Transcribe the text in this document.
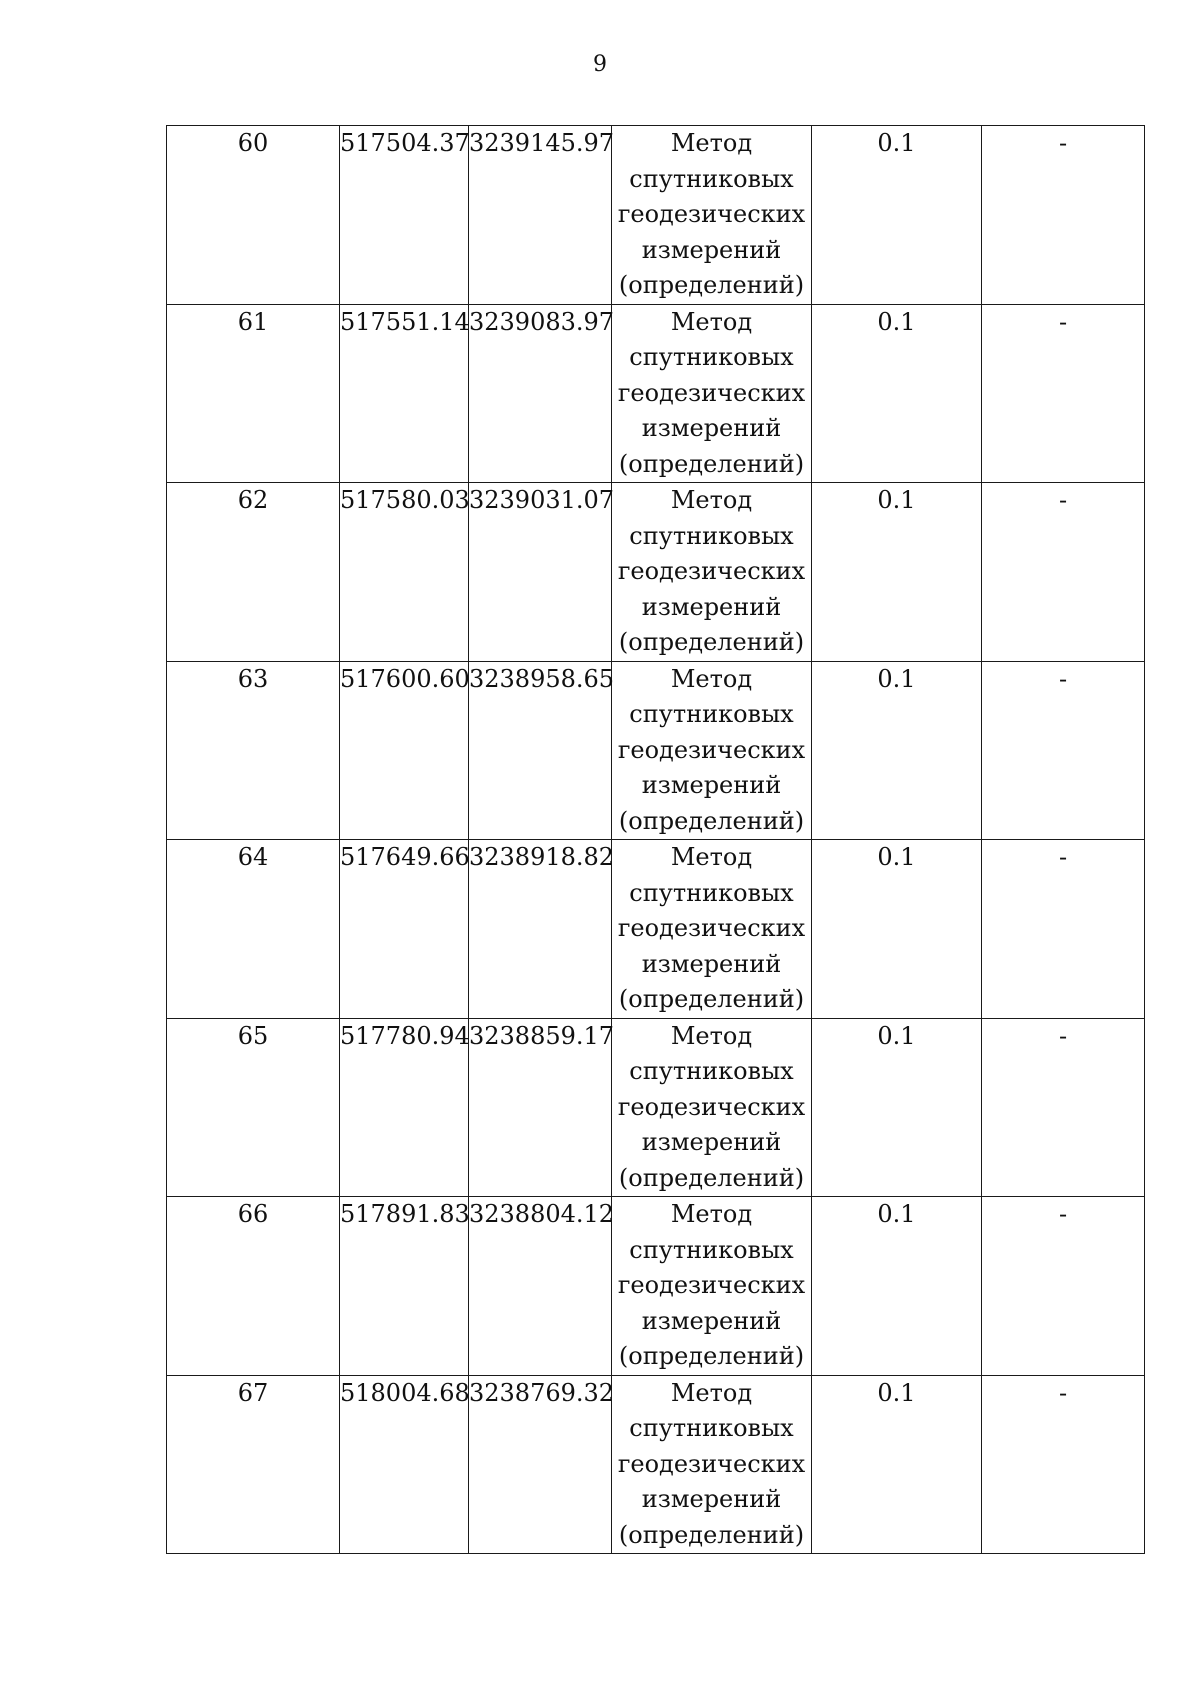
9
60	517504.37	3239145.97	Метод
спутниковых
геодезических
измерений
(определений)	0.1	-
61	517551.14	3239083.97	Метод
спутниковых
геодезических
измерений
(определений)	0.1	-
62	517580.03	3239031.07	Метод
спутниковых
геодезических
измерений
(определений)	0.1	-
63	517600.60	3238958.65	Метод
спутниковых
геодезических
измерений
(определений)	0.1	-
64	517649.66	3238918.82	Метод
спутниковых
геодезических
измерений
(определений)	0.1	-
65	517780.94	3238859.17	Метод
спутниковых
геодезических
измерений
(определений)	0.1	-
66	517891.83	3238804.12	Метод
спутниковых
геодезических
измерений
(определений)	0.1	-
67	518004.68	3238769.32	Метод
спутниковых
геодезических
измерений
(определений)	0.1	-
